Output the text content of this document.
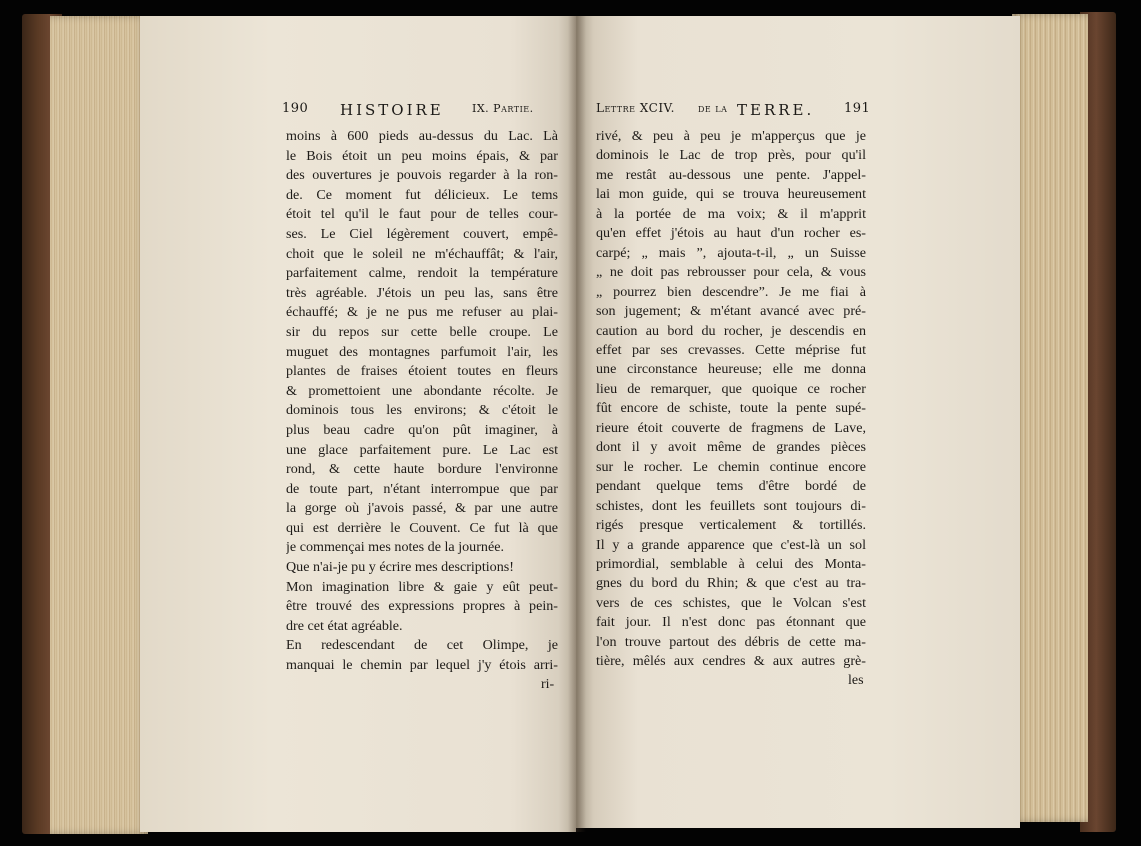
190 HISTOIRE	IX. Partie.	Lettre XCIV. de la TERRE. 191
moins à 600 pieds au-dessus du Lac. Là
le Bois étoit un peu moins épais, & par
des ouvertures je pouvois regarder à la ron-
de. Ce moment fut délicieux. Le tems
étoit tel qu'il le faut pour de telles cour-
ses. Le Ciel légèrement couvert, empê-
choit que le soleil ne m'échauffât; & l'air,
parfaitement calme, rendoit la température
très agréable. J'étois un peu las, sans être
échauffé; & je ne pus me refuser au plai-
sir du repos sur cette belle croupe. Le
muguet des montagnes parfumoit l'air, les
plantes de fraises étoient toutes en fleurs
& promettoient une abondante récolte. Je
dominois tous les environs; & c'étoit le
plus beau cadre qu'on pût imaginer, à
une glace parfaitement pure. Le Lac est
rond, & cette haute bordure l'environne
de toute part, n'étant interrompue que par
la gorge où j'avois passé, & par une autre
qui est derrière le Couvent. Ce fut là que
je commençai mes notes de la journée.
Que n'ai-je pu y écrire mes descriptions!
Mon imagination libre & gaie y eût peut-
être trouvé des expressions propres à pein-
dre cet état agréable.
En redescendant de cet Olimpe, je
manquai le chemin par lequel j'y étois arri-
ri-
rivé, & peu à peu je m'apperçus que je
dominois le Lac de trop près, pour qu'il
me restât au-dessous une pente. J'appel-
lai mon guide, qui se trouva heureusement
à la portée de ma voix; & il m'apprit
qu'en effet j'étois au haut d'un rocher es-
carpé; „ mais ”, ajouta-t-il, „ un Suisse
„ ne doit pas rebrousser pour cela, & vous
„ pourrez bien descendre”. Je me fiai à
son jugement; & m'étant avancé avec pré-
caution au bord du rocher, je descendis en
effet par ses crevasses. Cette méprise fut
une circonstance heureuse; elle me donna
lieu de remarquer, que quoique ce rocher
fût encore de schiste, toute la pente supé-
rieure étoit couverte de fragmens de Lave,
dont il y avoit même de grandes pièces
sur le rocher. Le chemin continue encore
pendant quelque tems d'être bordé de
schistes, dont les feuillets sont toujours di-
rigés presque verticalement & tortillés.
Il y a grande apparence que c'est-là un sol
primordial, semblable à celui des Monta-
gnes du bord du Rhin; & que c'est au tra-
vers de ces schistes, que le Volcan s'est
fait jour. Il n'est donc pas étonnant que
l'on trouve partout des débris de cette ma-
tière, mêlés aux cendres & aux autres grè-
les
